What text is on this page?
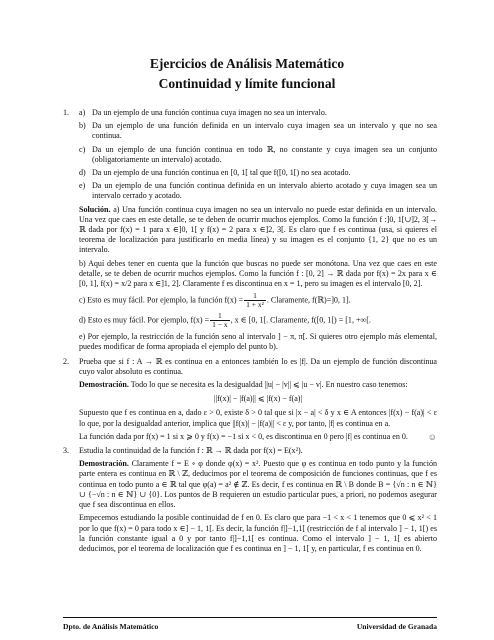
Ejercicios de Análisis Matemático
Continuidad y límite funcional
1. a) Da un ejemplo de una función continua cuya imagen no sea un intervalo.
b) Da un ejemplo de una función definida en un intervalo cuya imagen sea un intervalo y que no sea continua.
c) Da un ejemplo de una función continua en todo ℝ, no constante y cuya imagen sea un conjunto (obligatoriamente un intervalo) acotado.
d) Da un ejemplo de una función continua en [0, 1[ tal que f([0, 1[) no sea acotado.
e) Da un ejemplo de una función continua definida en un intervalo abierto acotado y cuya imagen sea un intervalo cerrado y acotado.

Solución. a) Una función continua cuya imagen no sea un intervalo no puede estar definida en un intervalo. Una vez que caes en este detalle, se te deben de ocurrir muchos ejemplos. Como la función f :]0, 1[∪]2, 3[→ ℝ dada por f(x) = 1 para x ∈]0, 1[ y f(x) = 2 para x ∈]2, 3[. Es claro que f es continua (usa, si quieres el teorema de localización para justificarlo en media línea) y su imagen es el conjunto {1, 2} que no es un intervalo.

b) Aquí debes tener en cuenta que la función que buscas no puede ser monótona. Una vez que caes en este detalle, se te deben de ocurrir muchos ejemplos. Como la función f : [0, 2] → ℝ dada por f(x) = 2x para x ∈ [0, 1], f(x) = x/2 para x ∈]1, 2]. Claramente f es discontinua en x = 1, pero su imagen es el intervalo [0, 2].

c) Esto es muy fácil. Por ejemplo, la función $f(x) = \frac{1}{\text{1 + x²}}$ . Claramente, f(ℝ)=]0, 1].

d) Esto es muy fácil. Por ejemplo, $f(x) = \frac{1}{1 - x}$ , x ∈ [0, 1[. Claramente, f([0, 1[) = [1, +∞[.

e) Por ejemplo, la restricción de la función seno al intervalo ] − π, π[. Si quieres otro ejemplo más elemental, puedes modificar de forma apropiada el ejemplo del punto b).

2. Prueba que si f : A → ℝ es continua en a entonces también lo es |f|. Da un ejemplo de función discontinua cuyo valor absoluto es continua.

Demostración. Todo lo que se necesita es la desigualdad ||u| − |v|| ⩽ |u − v|. En nuestro caso tenemos:

||f(x)| − |f(a)|| ⩽ |f(x) − f(a)|

Supuesto que f es continua en a, dado ε > 0, existe δ > 0 tal que si |x − a| < δ y x ∈ A entonces |f(x) − f(a)| < ε lo que, por la desigualdad anterior, implica que ||f(x)| − |f(a)|| < ε y, por tanto, |f| es continua en a.

La función dada por f(x) = 1 si x ⩾ 0 y f(x) = −1 si x < 0, es discontinua en 0 pero |f| es continua en 0. ☺

3. Estudia la continuidad de la función f : ℝ → ℝ dada por f(x) = E(x²).

Demostración. Claramente f = E ∘ φ donde φ(x) = x². Puesto que φ es continua en todo punto y la función parte entera es continua en ℝ \ ℤ, deducimos por el teorema de composición de funciones continuas, que f es continua en todo punto a ∈ ℝ tal que φ(a) = a² ∉ ℤ. Es decir, f es continua en ℝ \ B donde B = {√n : n ∈ ℕ} ∪ {−√n : n ∈ ℕ} ∪ {0}. Los puntos de B requieren un estudio particular pues, a priori, no podemos asegurar que f sea discontinua en ellos.

Empecemos estudiando la posible continuidad de f en 0. Es claro que para −1 < x < 1 tenemos que 0 ⩽ x² < 1 por lo que f(x) = 0 para todo x ∈] − 1, 1[. Es decir, la función f|]−1,1[ (restricción de f al intervalo ] − 1, 1[) es la función constante igual a 0 y por tanto f|]−1,1[ es continua. Como el intervalo ] − 1, 1[ es abierto deducimos, por el teorema de localización que f es continua en ] − 1, 1[ y, en particular, f es continua en 0.

Dpto. de Análisis Matemático	Universidad de Granada
